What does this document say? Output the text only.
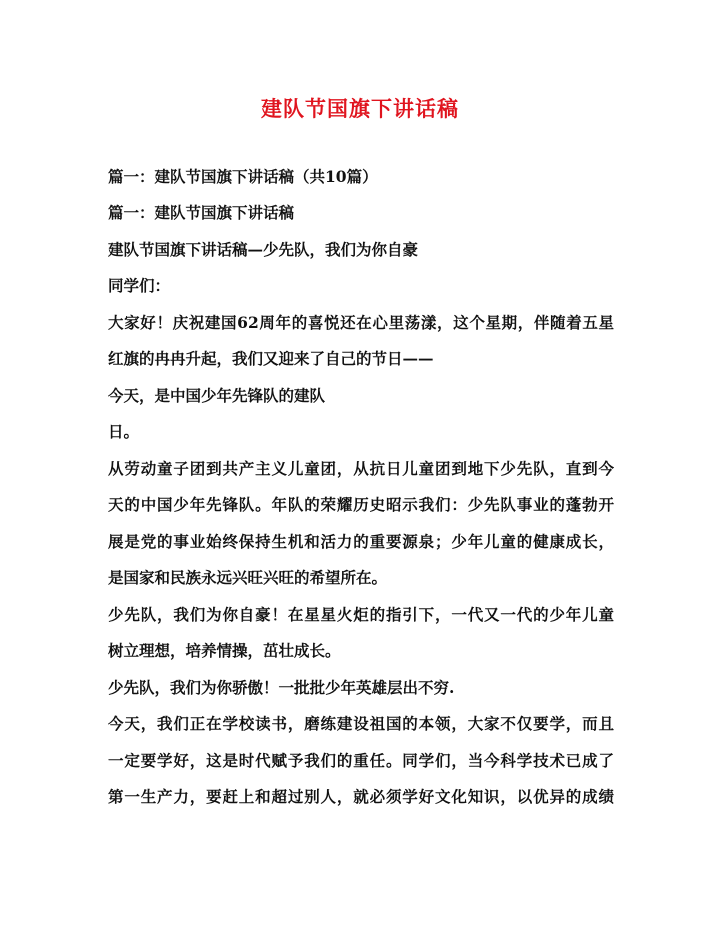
建队节国旗下讲话稿
篇一：建队节国旗下讲话稿（共10篇）
篇一：建队节国旗下讲话稿
建队节国旗下讲话稿—少先队，我们为你自豪
同学们：
大家好！庆祝建国62周年的喜悦还在心里荡漾，这个星期，伴随着五星
红旗的冉冉升起，我们又迎来了自己的节日——
今天，是中国少年先锋队的建队
日。
从劳动童子团到共产主义儿童团，从抗日儿童团到地下少先队，直到今
天的中国少年先锋队。年队的荣耀历史昭示我们：少先队事业的蓬勃开
展是党的事业始终保持生机和活力的重要源泉；少年儿童的健康成长，
是国家和民族永远兴旺兴旺的希望所在。
少先队，我们为你自豪！在星星火炬的指引下，一代又一代的少年儿童
树立理想，培养情操，茁壮成长。
少先队，我们为你骄傲！一批批少年英雄层出不穷.
今天，我们正在学校读书，磨练建设祖国的本领，大家不仅要学，而且
一定要学好，这是时代赋予我们的重任。同学们，当今科学技术已成了
第一生产力，要赶上和超过别人，就必须学好文化知识，以优异的成绩
